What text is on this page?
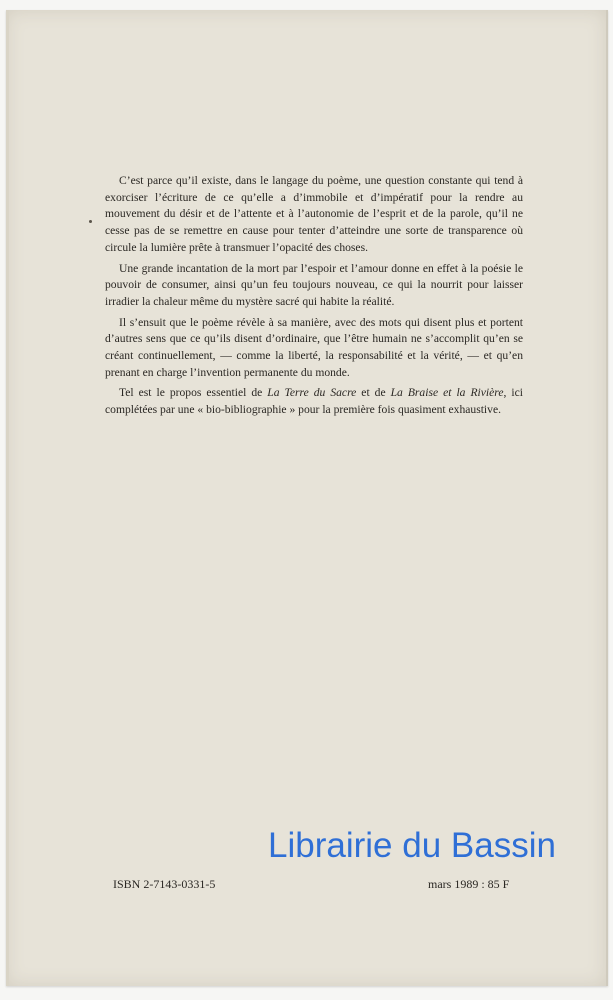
C’est parce qu’il existe, dans le langage du poème, une question constante qui tend à exorciser l’écriture de ce qu’elle a d’immobile et d’impératif pour la rendre au mouvement du désir et de l’attente et à l’autonomie de l’esprit et de la parole, qu’il ne cesse pas de se remettre en cause pour tenter d’atteindre une sorte de transparence où circule la lumière prête à transmuer l’opacité des choses.

Une grande incantation de la mort par l’espoir et l’amour donne en effet à la poésie le pouvoir de consumer, ainsi qu’un feu toujours nouveau, ce qui la nourrit pour laisser irradier la chaleur même du mystère sacré qui habite la réalité.

Il s’ensuit que le poème révèle à sa manière, avec des mots qui disent plus et portent d’autres sens que ce qu’ils disent d’ordinaire, que l’être humain ne s’accomplit qu’en se créant continuellement, — comme la liberté, la responsabilité et la vérité, — et qu’en prenant en charge l’invention permanente du monde.

Tel est le propos essentiel de La Terre du Sacre et de La Braise et la Rivière, ici complétées par une « bio-bibliographie » pour la première fois quasiment exhaustive.

Librairie du Bassin
ISBN 2-7143-0331-5	mars 1989 : 85 F
